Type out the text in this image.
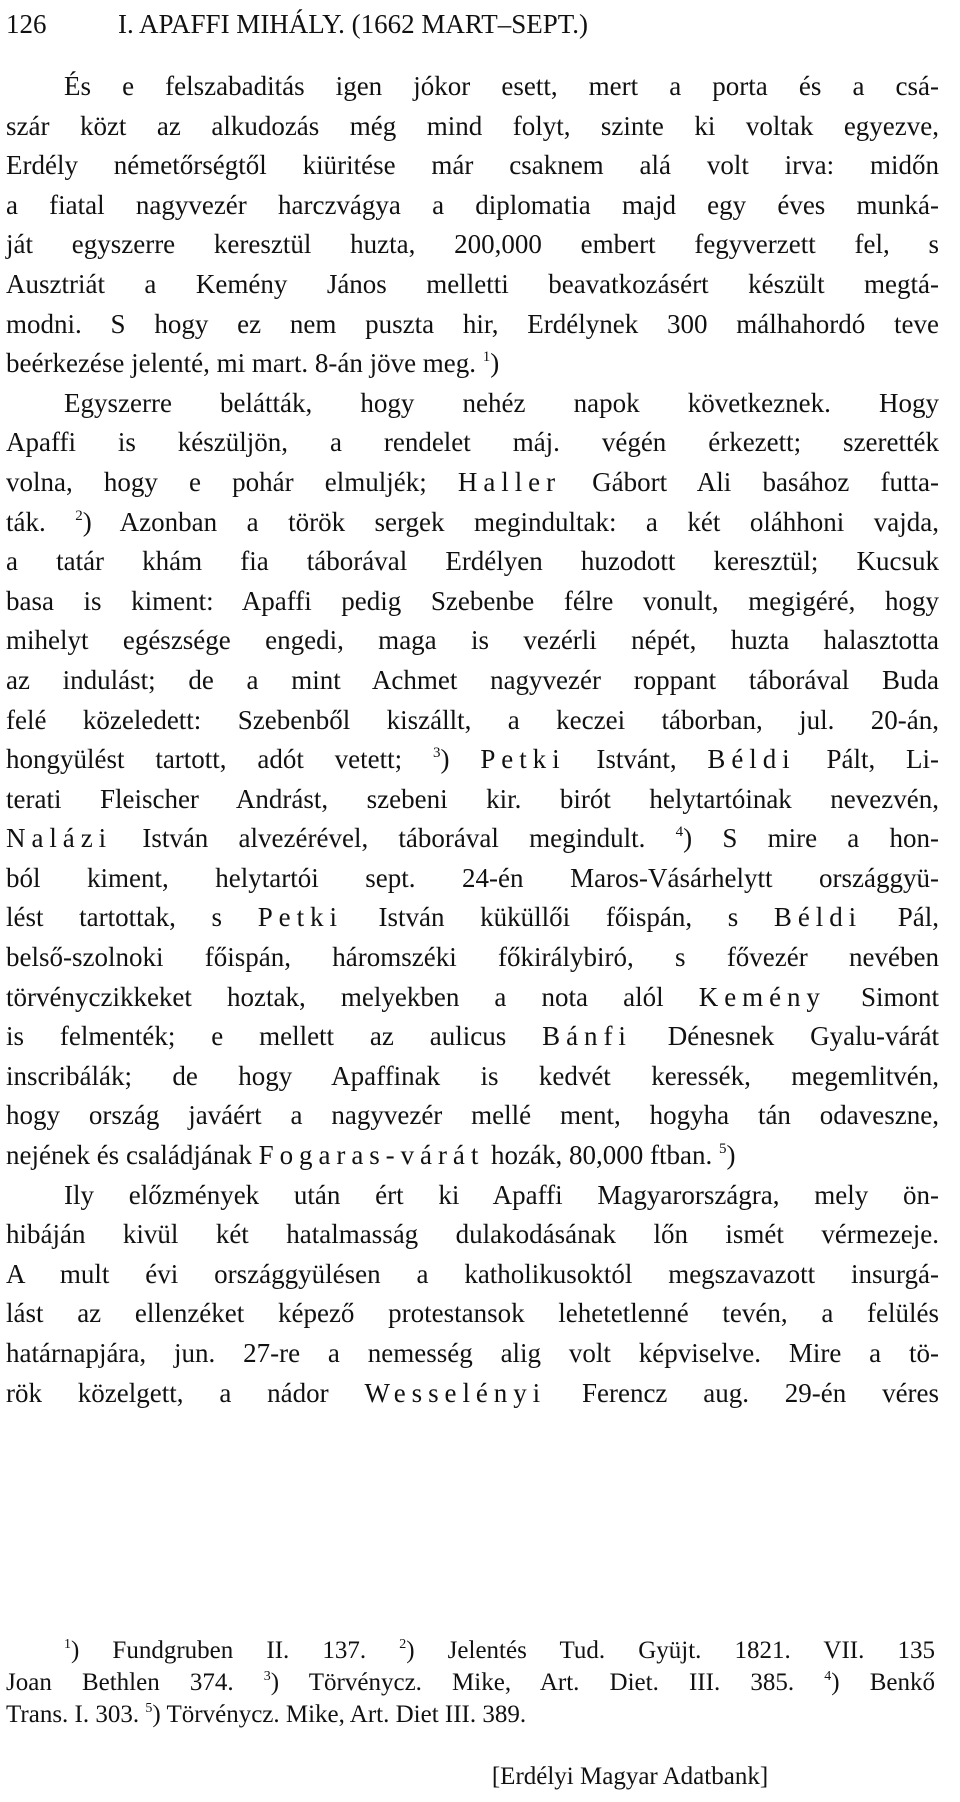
126	I. APAFFI MIHÁLY. (1662 MART–SEPT.)
És e felszabaditás igen jókor esett, mert a porta és a csá-
szár közt az alkudozás még mind folyt, szinte ki voltak egyezve,
Erdély németőrségtől kiüritése már csaknem alá volt irva: midőn
a fiatal nagyvezér harczvágya a diplomatia majd egy éves munká-
ját egyszerre keresztül huzta, 200,000 embert fegyverzett fel, s
Ausztriát a Kemény János melletti beavatkozásért készült megtá-
modni. S hogy ez nem puszta hir, Erdélynek 300 málhahordó teve
beérkezése jelenté, mi mart. 8-án jöve meg. $^1$)
Egyszerre belátták, hogy nehéz napok következnek. Hogy
Apaffi is készüljön, a rendelet máj. végén érkezett; szerették
volna, hogy e pohár elmuljék; Haller Gábort Ali basához futta-
ták. $^2$) Azonban a török sergek megindultak: a két oláhhoni vajda,
a tatár khám fia táborával Erdélyen huzodott keresztül; Kucsuk
basa is kiment: Apaffi pedig Szebenbe félre vonult, megigéré, hogy
mihelyt egészsége engedi, maga is vezérli népét, huzta halasztotta
az indulást; de a mint Achmet nagyvezér roppant táborával Buda
felé közeledett: Szebenből kiszállt, a keczei táborban, jul. 20-án,
hongyülést tartott, adót vetett; $^3$) Petki Istvánt, Béldi Pált, Li-
terati Fleischer Andrást, szebeni kir. birót helytartóinak nevezvén,
Nalázi István alvezérével, táborával megindult. $^4$) S mire a hon-
ból kiment, helytartói sept. 24-én Maros-Vásárhelytt országgyü-
lést tartottak, s Petki István küküllői főispán, s Béldi Pál,
belső-szolnoki főispán, háromszéki főkirálybiró, s fővezér nevében
törvényczikkeket hoztak, melyekben a nota alól Kemény Simont
is felmenték; e mellett az aulicus Bánfi Dénesnek Gyalu-várát
inscribálák; de hogy Apaffinak is kedvét keressék, megemlitvén,
hogy ország javáért a nagyvezér mellé ment, hogyha tán odaveszne,
nejének és családjának Fogaras-várát hozák, 80,000 ftban. $^5$)
Ily előzmények után ért ki Apaffi Magyarországra, mely ön-
hibáján kivül két hatalmasság dulakodásának lőn ismét vérmezeje.
A mult évi országgyülésen a katholikusoktól megszavazott insurgá-
lást az ellenzéket képező protestansok lehetetlenné tevén, a felülés
határnapjára, jun. 27-re a nemesség alig volt képviselve. Mire a tö-
rök közelgett, a nádor Wesselényi Ferencz aug. 29-én véres
$^1$) Fundgruben II. 137. $^2$) Jelentés Tud. Gyüjt. 1821. VII. 135
Joan Bethlen 374. $^3$) Törvénycz. Mike, Art. Diet. III. 385. $^4$) Benkő
Trans. I. 303. $^5$) Törvénycz. Mike, Art. Diet III. 389.
[Erdélyi Magyar Adatbank]
